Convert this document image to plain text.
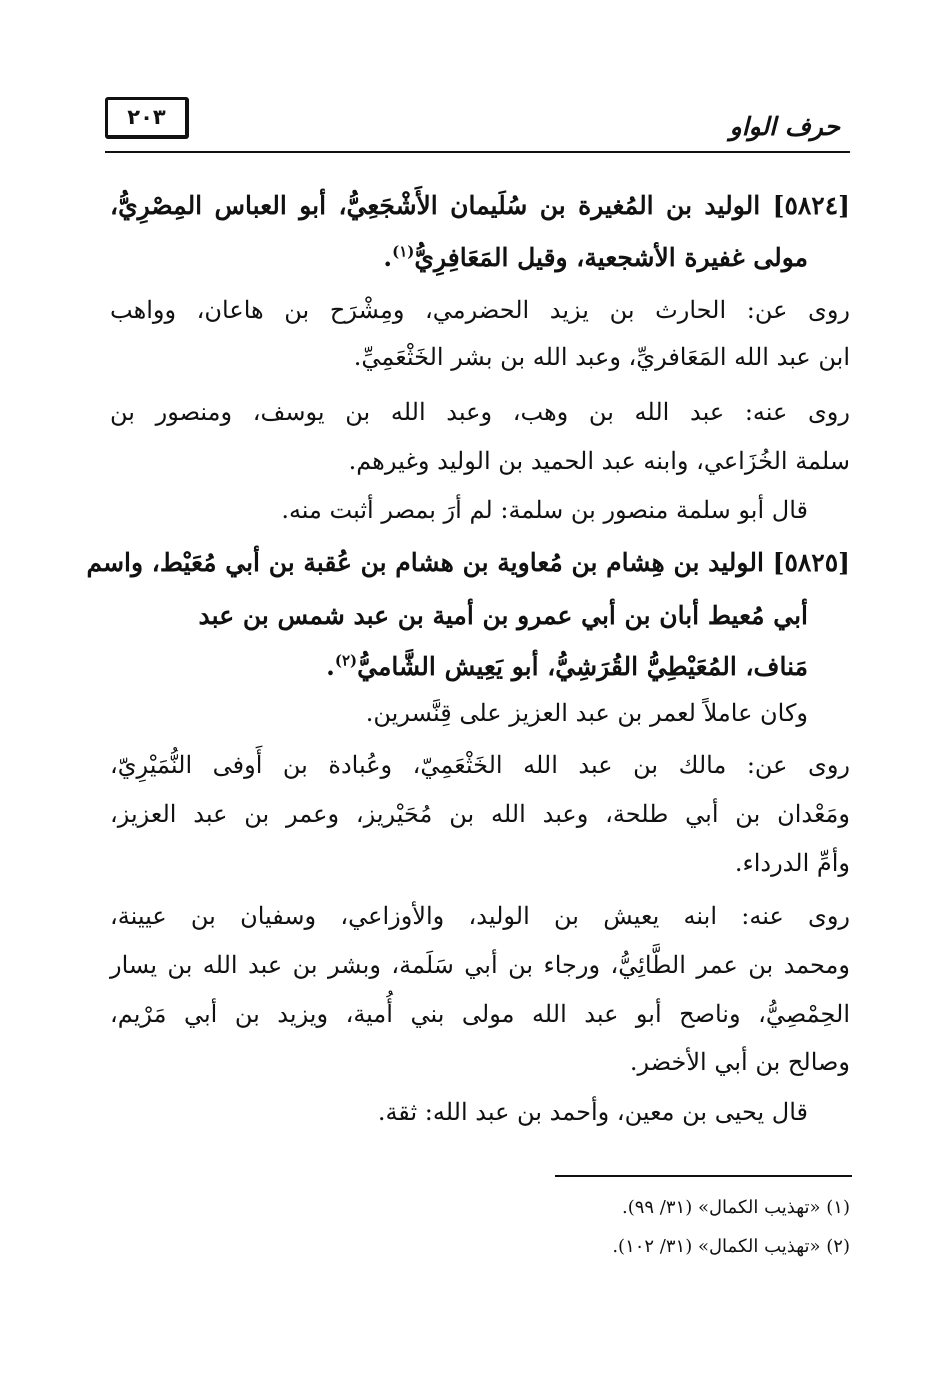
حرف الواو
٢٠٣
[٥٨٢٤] الوليد بن المُغيرة بن سُلَيمان الأَشْجَعِيُّ، أبو العباس المِصْرِيُّ،
مولى غفيرة الأشجعية، وقيل المَعَافِرِيُّ$^{(١)}$.
روى عن: الحارث بن يزيد الحضرمي، ومِشْرَح بن هاعان، وواهب
ابن عبد الله المَعَافريِّ، وعبد الله بن بشر الخَثْعَمِيِّ.
روى عنه: عبد الله بن وهب، وعبد الله بن يوسف، ومنصور بن
سلمة الخُزَاعي، وابنه عبد الحميد بن الوليد وغيرهم.
قال أبو سلمة منصور بن سلمة: لم أرَ بمصر أثبت منه.
[٥٨٢٥] الوليد بن هِشام بن مُعاوية بن هشام بن عُقبة بن أبي مُعَيْط، واسم
أبي مُعيط أبان بن أبي عمرو بن أمية بن عبد شمس بن عبد
مَناف، المُعَيْطِيُّ القُرَشِيُّ، أبو يَعِيش الشَّاميُّ$^{(٢)}$.
وكان عاملاً لعمر بن عبد العزيز على قِنَّسرين.
روى عن: مالك بن عبد الله الخَثْعَمِيّ، وعُبادة بن أَوفى النُّمَيْرِيّ،
ومَعْدان بن أبي طلحة، وعبد الله بن مُحَيْريز، وعمر بن عبد العزيز،
وأمِّ الدرداء.
روى عنه: ابنه يعيش بن الوليد، والأوزاعي، وسفيان بن عيينة،
ومحمد بن عمر الطَّائِيُّ، ورجاء بن أبي سَلَمة، وبشر بن عبد الله بن يسار
الحِمْصِيُّ، وناصح أبو عبد الله مولى بني أُمية، ويزيد بن أبي مَرْيم،
وصالح بن أبي الأخضر.
قال يحيى بن معين، وأحمد بن عبد الله: ثقة.
(١) «تهذيب الكمال» (٣١/ ٩٩).
(٢) «تهذيب الكمال» (٣١/ ١٠٢).
